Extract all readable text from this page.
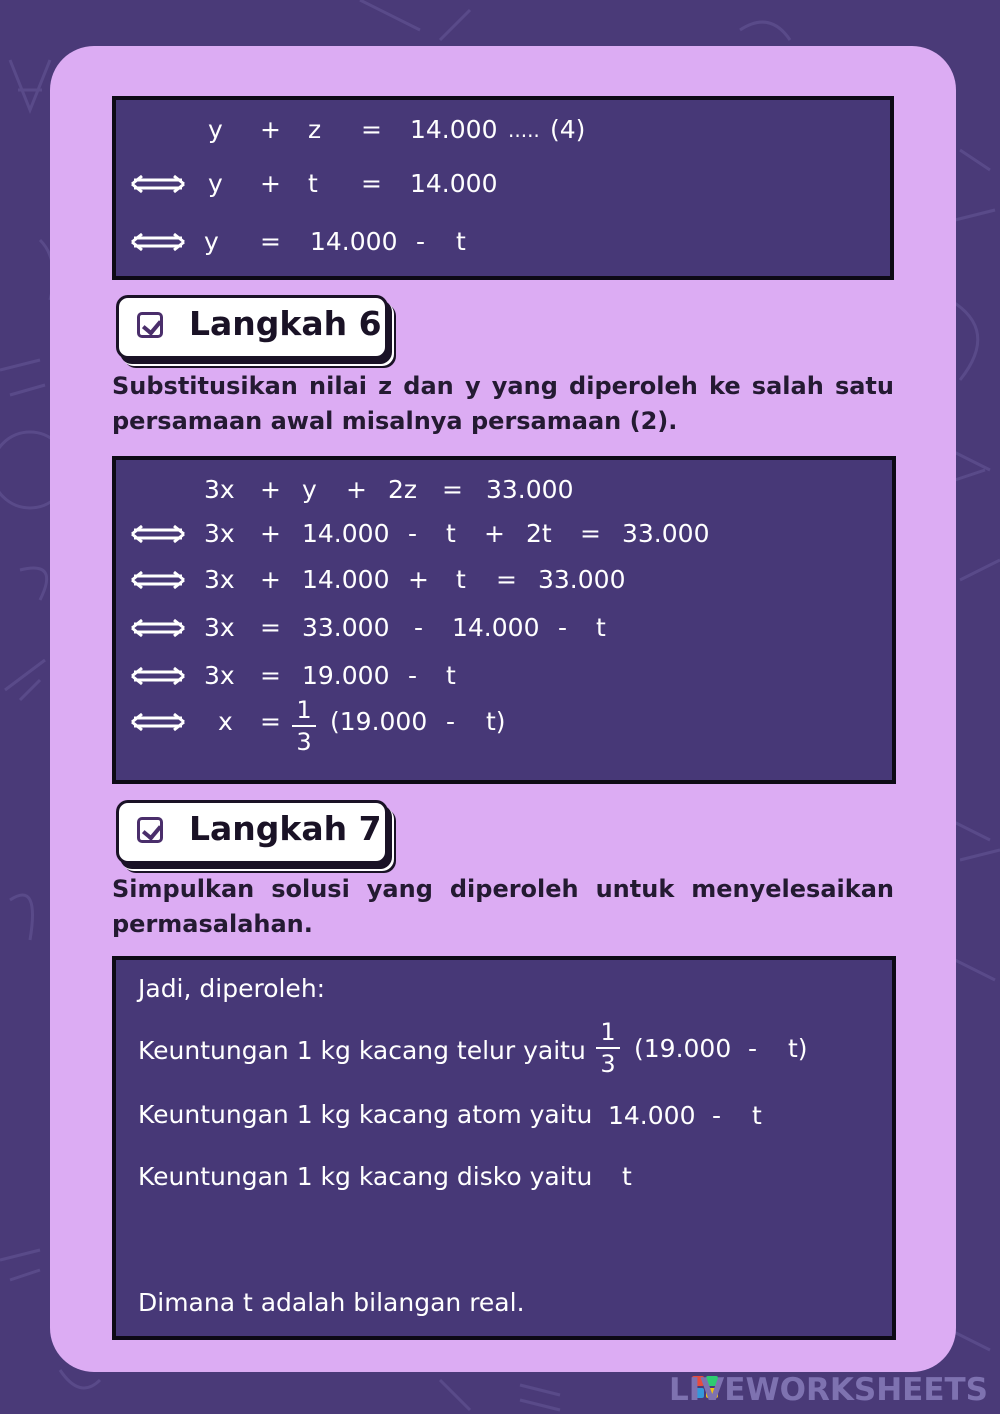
y + z = 14.000 ..... (4)
y + t = 14.000
y = 14.000 - t
Langkah 6
Substitusikan nilai z dan y yang diperoleh ke salah satu persamaan awal misalnya persamaan (2).
3x + y + 2z = 33.000
3x + 14.000 - t + 2t = 33.000
3x + 14.000 + t = 33.000
3x = 33.000 - 14.000 - t
3x = 19.000 - t
x = 1
3
(19.000 - t)
Langkah 7
Simpulkan solusi yang diperoleh untuk menyelesaikan permasalahan.
Jadi, diperoleh:
Keuntungan 1 kg kacang telur yaitu
1
3
(19.000 - t)
Keuntungan 1 kg kacang atom yaitu 14.000 - t
Keuntungan 1 kg kacang disko yaitu t
Dimana t adalah bilangan real.
LIVEWORKSHEETS
